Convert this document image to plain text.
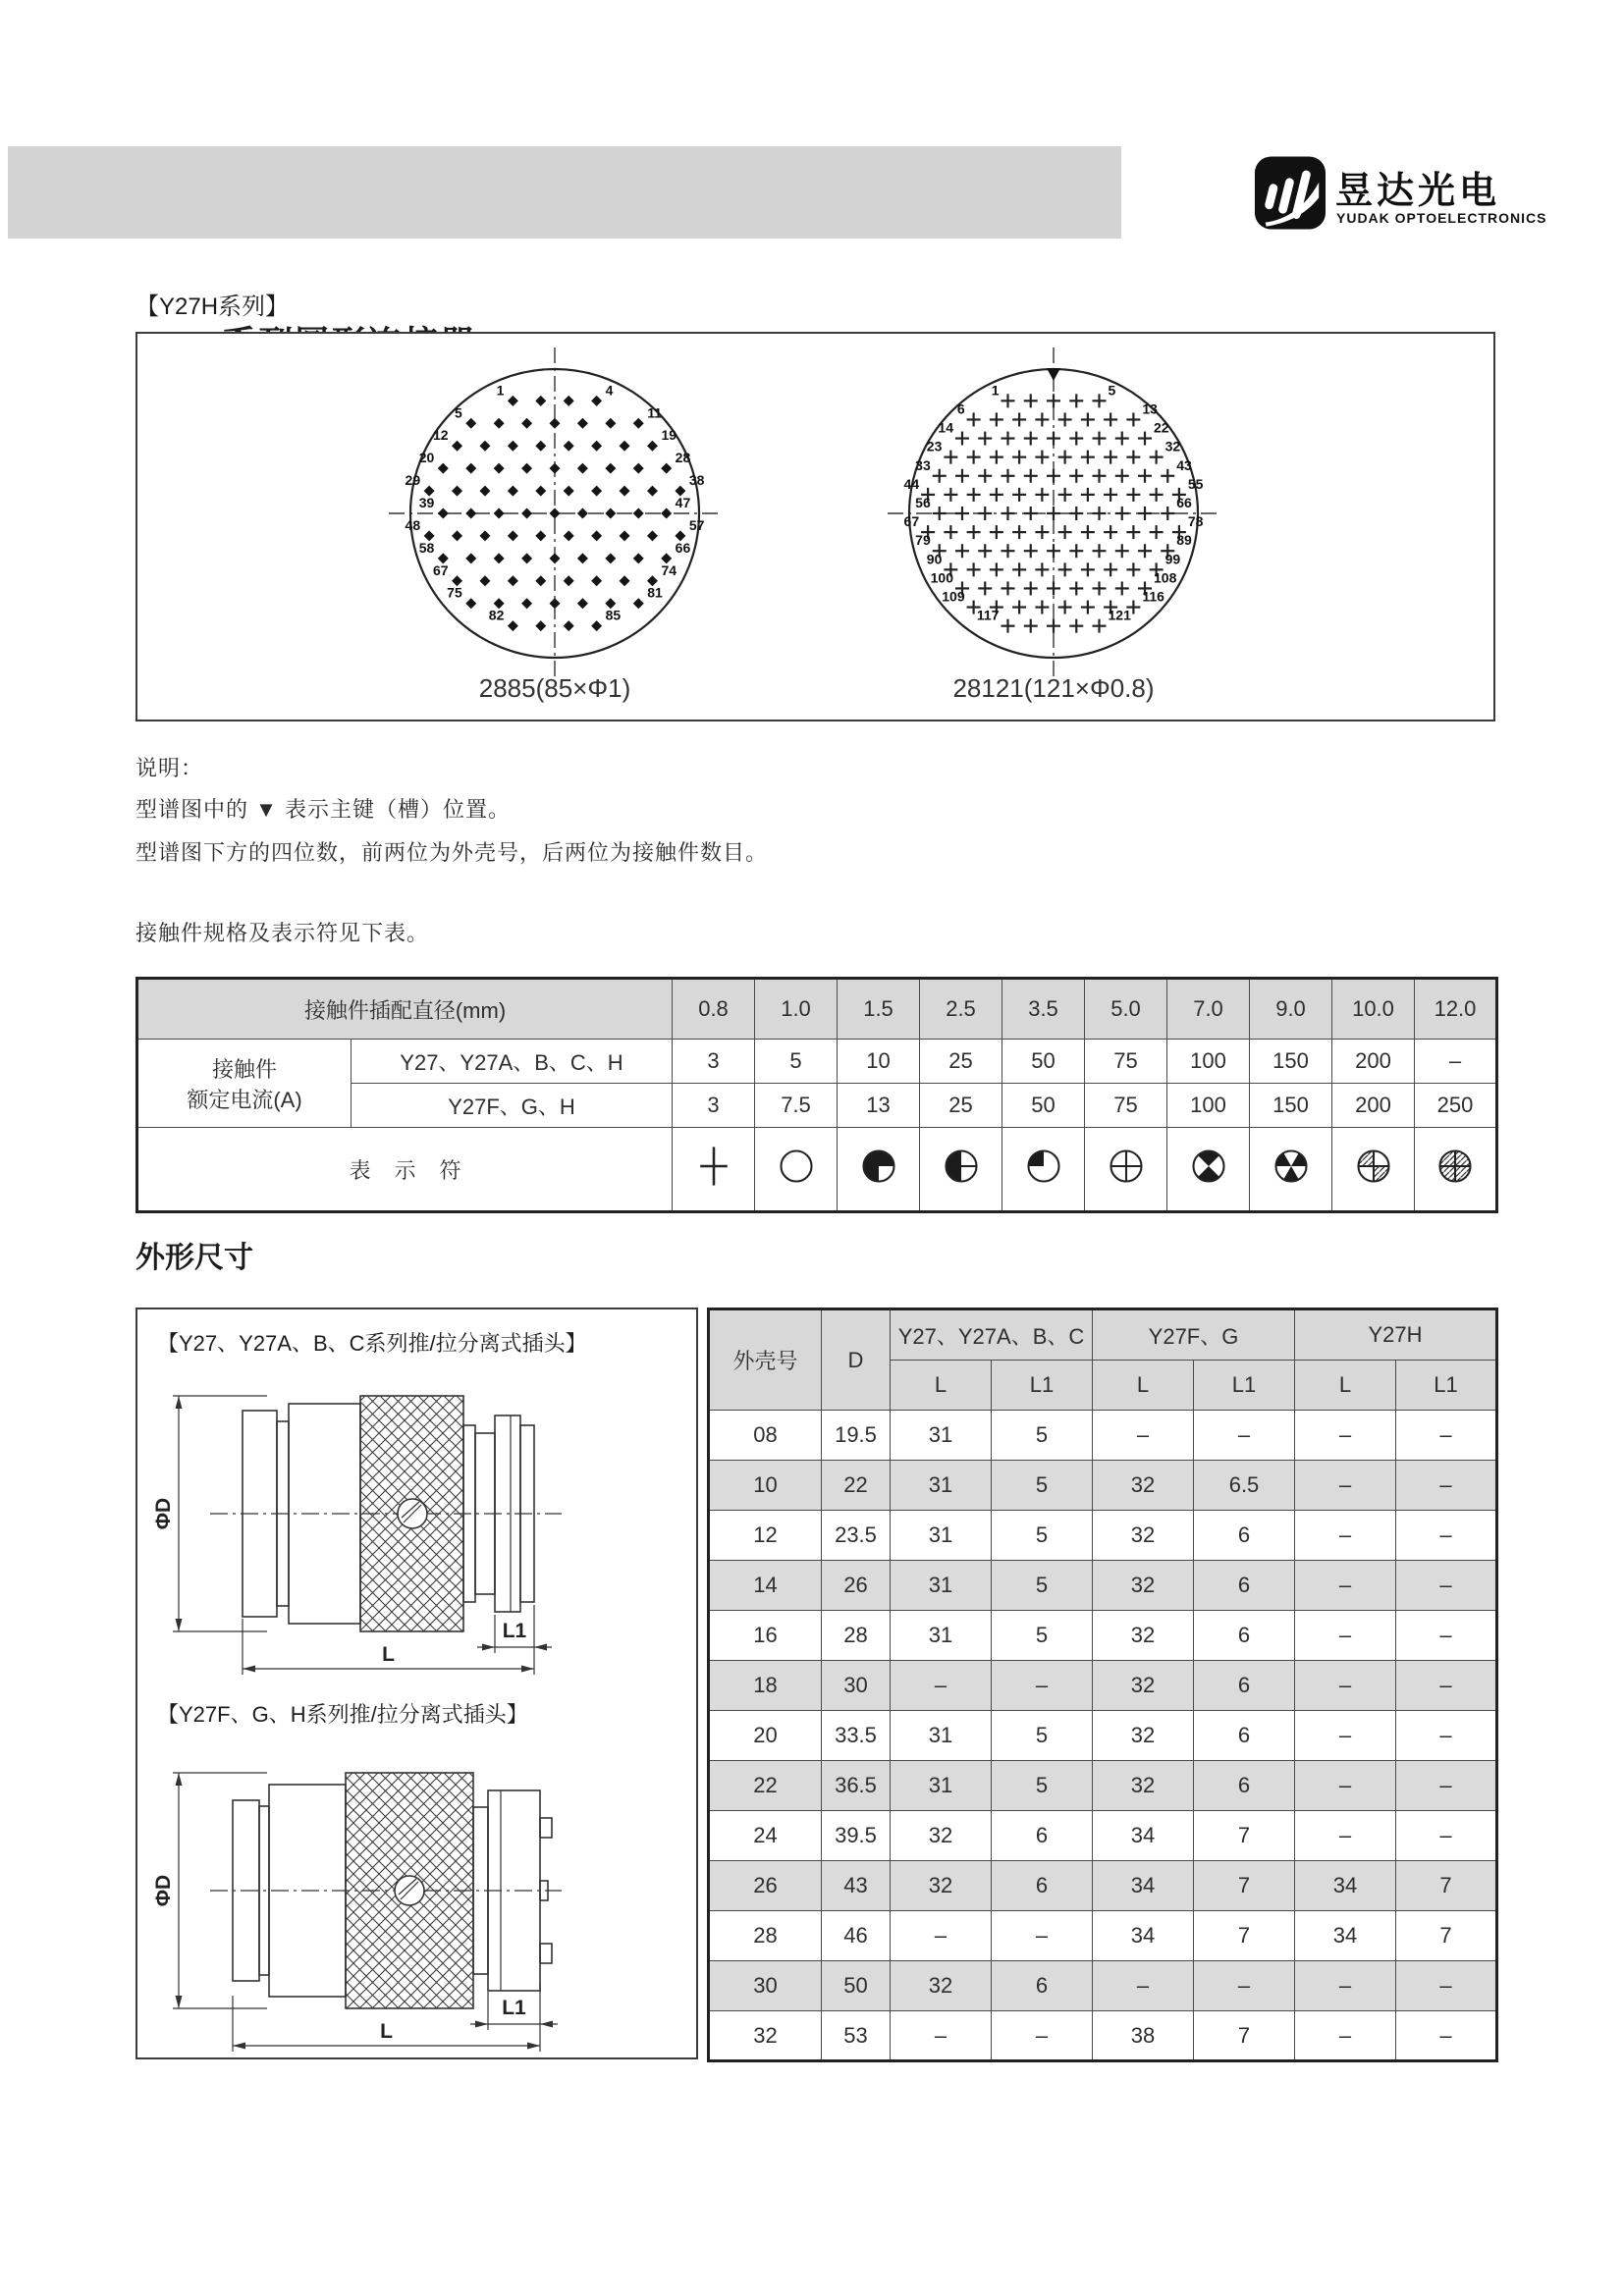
昱达光电
YUDAK OPTOELECTRONICS
【Y27H系列】
1	4
5	11
12	19
20	28
29	38
39	47
48	57
58	66
67	74
75	81
82	85
1	5
6	13
14	22
23	32
33	43
44	55
56	66
67	78
79	89
90	99
100	108
109	116
117	121
2885(85×Φ1)	28121(121×Φ0.8)
说明：
型谱图中的 ▼ 表示主键（槽）位置。
型谱图下方的四位数，前两位为外壳号，后两位为接触件数目。
接触件规格及表示符见下表。
接触件插配直径(mm)		0.8	1.0	1.5	2.5	3.5	5.0	7.0	9.0	10.0	12.0

接触件
额定电流(A)	Y27、Y27A、B、C、H	3	5	10	25	50	75	100	150	200	–
	Y27F、G、H	3	7.5	13	25	50	75	100	150	200	250
表示符										
外形尺寸
【Y27、Y27A、B、C系列推/拉分离式插头】
ΦD
L1
L
【Y27F、G、H系列推/拉分离式插头】
ΦD
L1
L
外壳号	D	Y27、Y27A、B、C		Y27F、G		Y27H	
		L	L1	L	L1	L	L1
08	19.5	31	5	–	–	–	–
10	22	31	5	32	6.5	–	–
12	23.5	31	5	32	6	–	–
14	26	31	5	32	6	–	–
16	28	31	5	32	6	–	–
18	30	–	–	32	6	–	–
20	33.5	31	5	32	6	–	–
22	36.5	31	5	32	6	–	–
24	39.5	32	6	34	7	–	–
26	43	32	6	34	7	34	7
28	46	–	–	34	7	34	7
30	50	32	6	–	–	–	–
32	53	–	–	38	7	–	–
